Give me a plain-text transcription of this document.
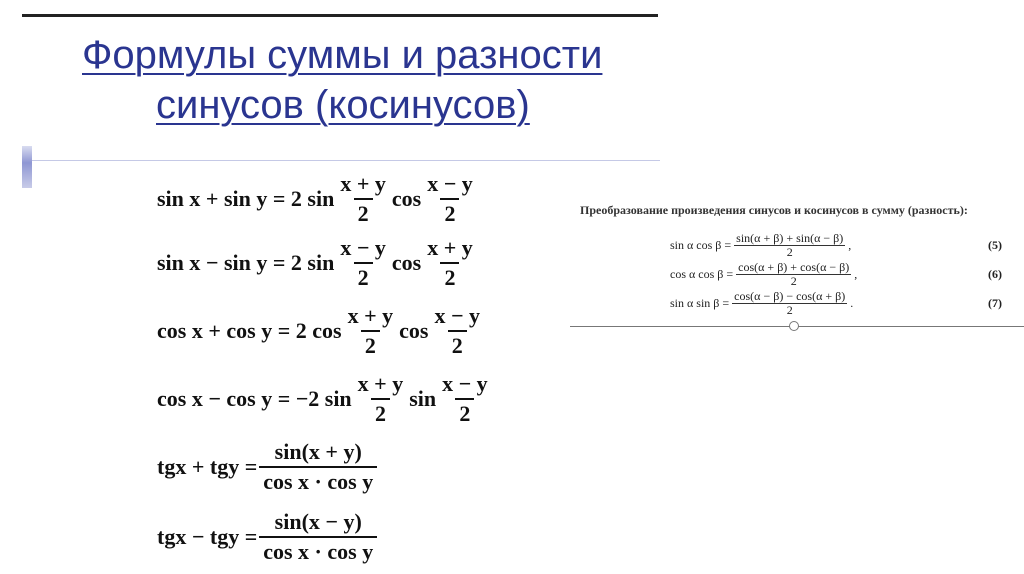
Формулы суммы и разности
синусов (косинусов)
sin x + sin y = 2 $\sin \frac{x + y}{2}$ $\cos \frac{x - y}{2}$
sin x − sin y = 2 $\sin \frac{x - y}{2}$ $\cos \frac{x + y}{2}$
cos x + cos y = 2 $\cos \frac{x + y}{2}$ $\cos \frac{x - y}{2}$
cos x − cos y = −2 $\sin \frac{x + y}{2}$ $\sin \frac{x - y}{2}$
tgx + tgy = $\frac{\sin(x + y)}{\text{cos x · cos y}}$
tgx − tgy = $\frac{\sin(x - y)}{\text{cos x · cos y}}$
Преобразование произведения синусов и косинусов в сумму (разность):
sin α $\cos \beta = \frac{\sin(\alpha + \beta) + \sin(\alpha - \beta)}{2}$ ,	(5)
cos α $\cos \beta = \frac{\cos(\alpha + \beta) + \cos(\alpha - \beta)}{2}$ ,	(6)
sin α $\sin \beta = \frac{\cos(\alpha - \beta) - \cos(\alpha + \beta)}{2}$ .	(7)
